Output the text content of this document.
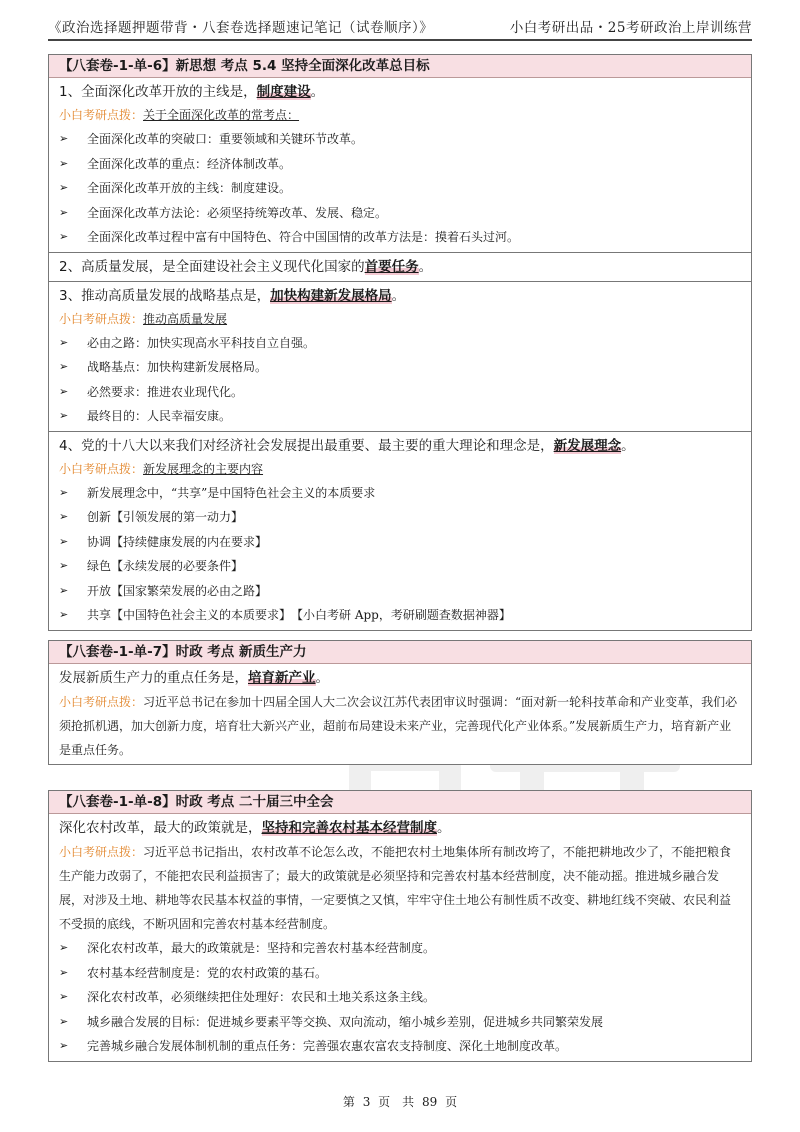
《政治选择题押题带背・八套卷选择题速记笔记（试卷顺序）》	小白考研出品・25考研政治上岸训练营
【八套卷-1-单-6】新思想 考点 5.4 坚持全面深化改革总目标
1、全面深化改革开放的主线是，制度建设。
小白考研点拨：关于全面深化改革的常考点：
➢	全面深化改革的突破口：重要领域和关键环节改革。
➢	全面深化改革的重点：经济体制改革。
➢	全面深化改革开放的主线：制度建设。
➢	全面深化改革方法论：必须坚持统筹改革、发展、稳定。
➢	全面深化改革过程中富有中国特色、符合中国国情的改革方法是：摸着石头过河。
2、高质量发展，是全面建设社会主义现代化国家的首要任务。
3、推动高质量发展的战略基点是，加快构建新发展格局。
小白考研点拨：推动高质量发展
➢	必由之路：加快实现高水平科技自立自强。
➢	战略基点：加快构建新发展格局。
➢	必然要求：推进农业现代化。
➢	最终目的：人民幸福安康。
4、党的十八大以来我们对经济社会发展提出最重要、最主要的重大理论和理念是，新发展理念。
小白考研点拨：新发展理念的主要内容
➢	新发展理念中，“共享”是中国特色社会主义的本质要求
➢	创新【引领发展的第一动力】
➢	协调【持续健康发展的内在要求】
➢	绿色【永续发展的必要条件】
➢	开放【国家繁荣发展的必由之路】
➢	共享【中国特色社会主义的本质要求】　【小白考研 App，考研刷题查数据神器】
【八套卷-1-单-7】时政 考点 新质生产力
发展新质生产力的重点任务是，培育新产业。
小白考研点拨：习近平总书记在参加十四届全国人大二次会议江苏代表团审议时强调：“面对新一轮科技革命和产业变革，我们必须抢抓机遇，加大创新力度，培育壮大新兴产业，超前布局建设未来产业，完善现代化产业体系。”发展新质生产力，培育新产业是重点任务。
【八套卷-1-单-8】时政 考点 二十届三中全会
深化农村改革，最大的政策就是，坚持和完善农村基本经营制度。
小白考研点拨：习近平总书记指出，农村改革不论怎么改，不能把农村土地集体所有制改垮了，不能把耕地改少了，不能把粮食生产能力改弱了，不能把农民利益损害了；最大的政策就是必须坚持和完善农村基本经营制度，决不能动摇。推进城乡融合发展，对涉及土地、耕地等农民基本权益的事情，一定要慎之又慎，牢牢守住土地公有制性质不改变、耕地红线不突破、农民利益不受损的底线，不断巩固和完善农村基本经营制度。
➢	深化农村改革，最大的政策就是：坚持和完善农村基本经营制度。
➢	农村基本经营制度是：党的农村政策的基石。
➢	深化农村改革，必须继续把住处理好：农民和土地关系这条主线。
➢	城乡融合发展的目标：促进城乡要素平等交换、双向流动，缩小城乡差别，促进城乡共同繁荣发展
➢	完善城乡融合发展体制机制的重点任务：完善强农惠农富农支持制度、深化土地制度改革。
第 3 页　共 89 页
